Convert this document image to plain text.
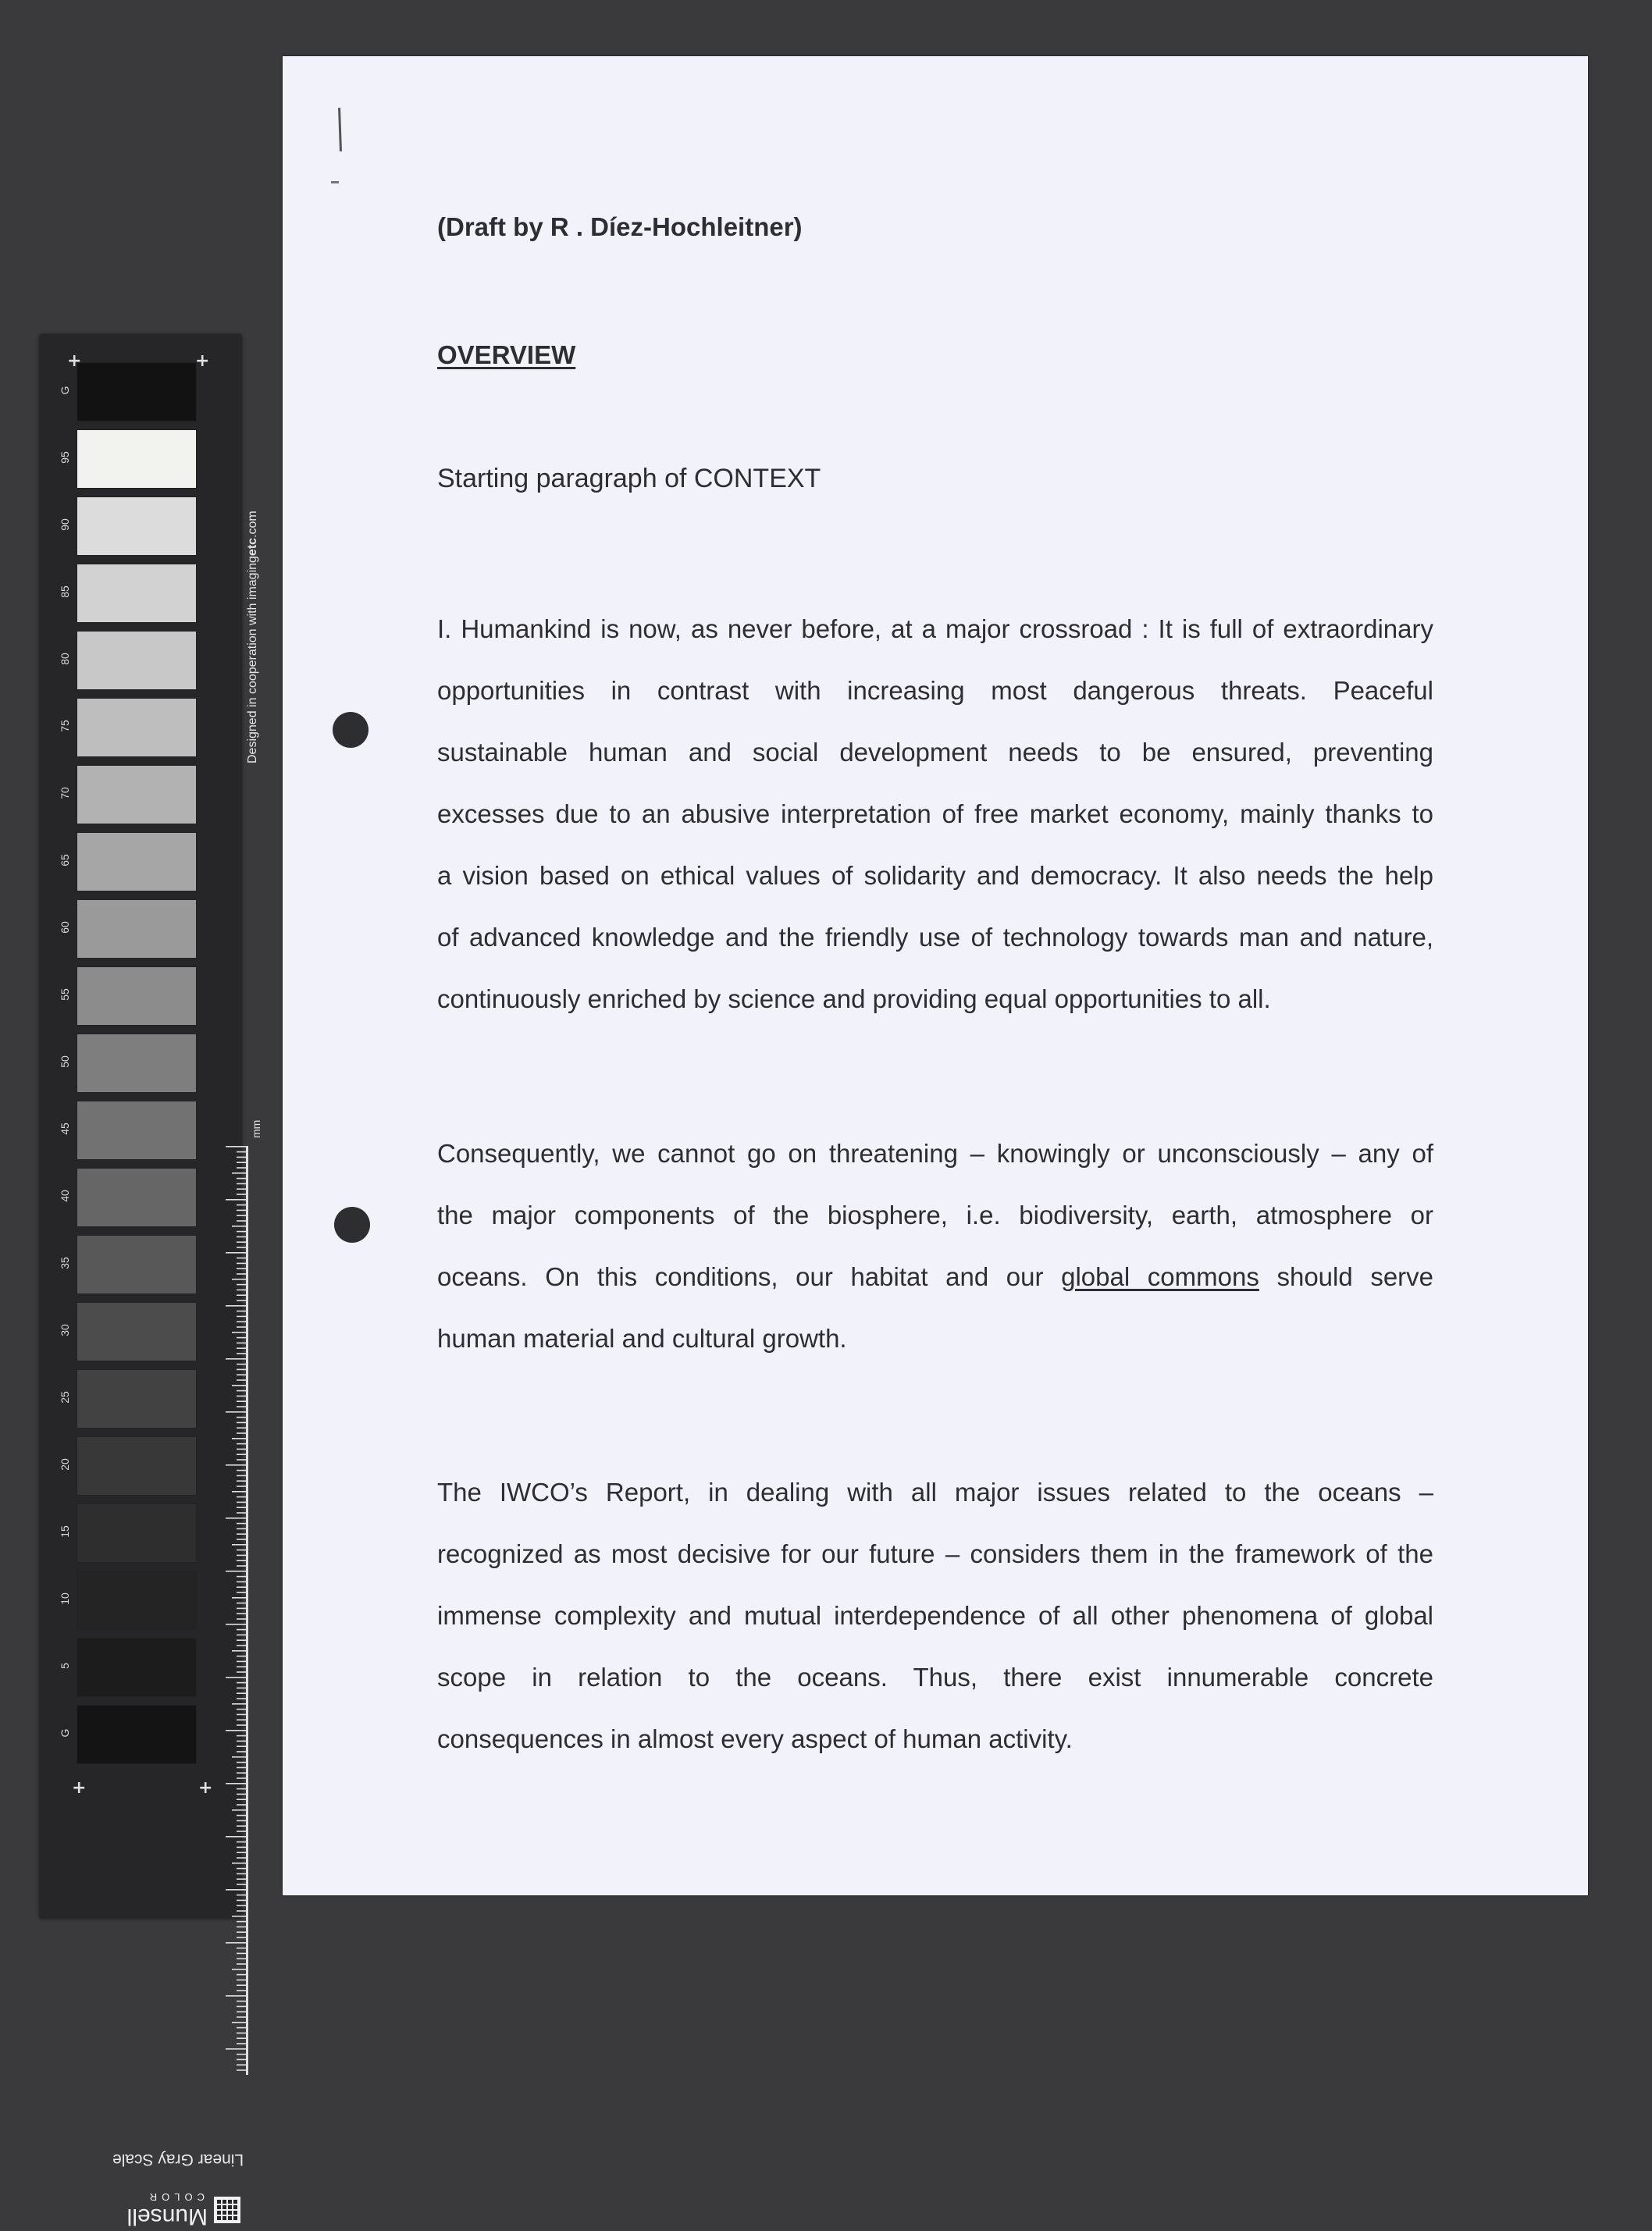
+	+
+	+
Designed in cooperation with imagingetc.com
mm
Linear Gray Scale
Munsell
COLOR
G
95
90
85
80
75
70
65
60
55
50
45
40
35
30
25
20
15
10
5
G
(Draft by R . Díez-Hochleitner)
OVERVIEW
Starting paragraph of CONTEXT
I. Humankind is now, as never before, at a major crossroad : It is full of extraordinary
opportunities in contrast with increasing most dangerous threats. Peaceful
sustainable human and social development needs to be ensured, preventing
excesses due to an abusive interpretation of free market economy, mainly thanks to
a vision based on ethical values of solidarity and democracy. It also needs the help
of advanced knowledge and the friendly use of technology towards man and nature,
continuously enriched by science and providing equal opportunities to all.
Consequently, we cannot go on threatening – knowingly or unconsciously – any of
the major components of the biosphere, i.e. biodiversity, earth, atmosphere or
oceans. On this conditions, our habitat and our global commons should serve
human material and cultural growth.
The IWCO’s Report, in dealing with all major issues related to the oceans –
recognized as most decisive for our future – considers them in the framework of the
immense complexity and mutual interdependence of all other phenomena of global
scope in relation to the oceans. Thus, there exist innumerable concrete
consequences in almost every aspect of human activity.
